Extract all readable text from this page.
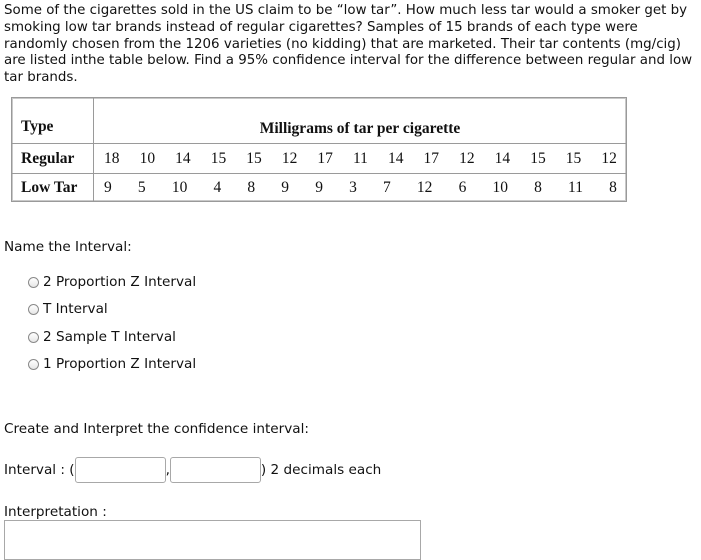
Some of the cigarettes sold in the US claim to be “low tar”. How much less tar would a smoker get by smoking low tar brands instead of regular cigarettes? Samples of 15 brands of each type were randomly chosen from the 1206 varieties (no kidding) that are marketed. Their tar contents (mg/cig) are listed inthe table below. Find a 95% confidence interval for the difference between regular and low tar brands.
Type	Milligrams of tar per cigarette
Regular	18 10 14 15 15 12 17 11 14 17 12 14 15 15 12
Low Tar	9 5 10 4 8 9 9 3 7 12 6 10 8 11 8
Name the Interval:
2 Proportion Z Interval
T Interval
2 Sample T Interval
1 Proportion Z Interval
Create and Interpret the confidence interval:
Interval : (	,	) 2 decimals each
Interpretation :
